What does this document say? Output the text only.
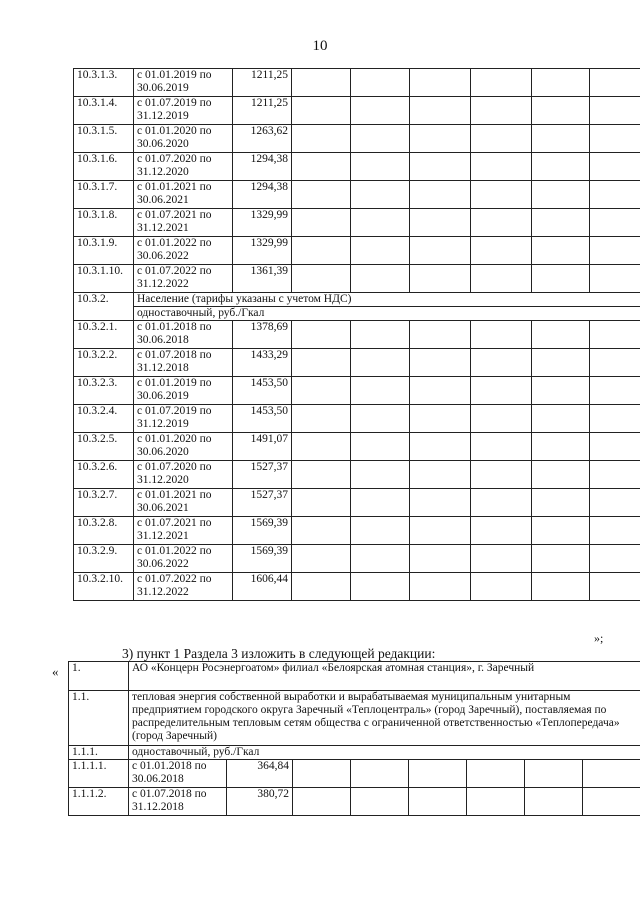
10
10.3.1.3.	с 01.01.2019 по 30.06.2019	1211,25						
10.3.1.4.	с 01.07.2019 по 31.12.2019	1211,25						
10.3.1.5.	с 01.01.2020 по 30.06.2020	1263,62						
10.3.1.6.	с 01.07.2020 по 31.12.2020	1294,38						
10.3.1.7.	с 01.01.2021 по 30.06.2021	1294,38						
10.3.1.8.	с 01.07.2021 по 31.12.2021	1329,99						
10.3.1.9.	с 01.01.2022 по 30.06.2022	1329,99						
10.3.1.10.	с 01.07.2022 по 31.12.2022	1361,39						
10.3.2.	Население (тарифы указаны с учетом НДС)							
	одноставочный, руб./Гкал							
10.3.2.1.	с 01.01.2018 по 30.06.2018	1378,69						
10.3.2.2.	с 01.07.2018 по 31.12.2018	1433,29						
10.3.2.3.	с 01.01.2019 по 30.06.2019	1453,50						
10.3.2.4.	с 01.07.2019 по 31.12.2019	1453,50						
10.3.2.5.	с 01.01.2020 по 30.06.2020	1491,07						
10.3.2.6.	с 01.07.2020 по 31.12.2020	1527,37						
10.3.2.7.	с 01.01.2021 по 30.06.2021	1527,37						
10.3.2.8.	с 01.07.2021 по 31.12.2021	1569,39						
10.3.2.9.	с 01.01.2022 по 30.06.2022	1569,39						
10.3.2.10.	с 01.07.2022 по 31.12.2022	1606,44						
»;
3) пункт 1 Раздела 3 изложить в следующей редакции:
« 1.	АО «Концерн Росэнергоатом» филиал «Белоярская атомная станция», г. Заречный							
1.1.	тепловая энергия собственной выработки и вырабатываемая муниципальным унитарным предприятием городского округа Заречный «Теплоцентраль» (город Заречный), поставляемая по распределительным тепловым сетям общества с ограниченной ответственностью «Теплопередача» (город Заречный)							
1.1.1.	одноставочный, руб./Гкал							
1.1.1.1.	с 01.01.2018 по 30.06.2018	364,84						
1.1.1.2.	с 01.07.2018 по 31.12.2018	380,72						
